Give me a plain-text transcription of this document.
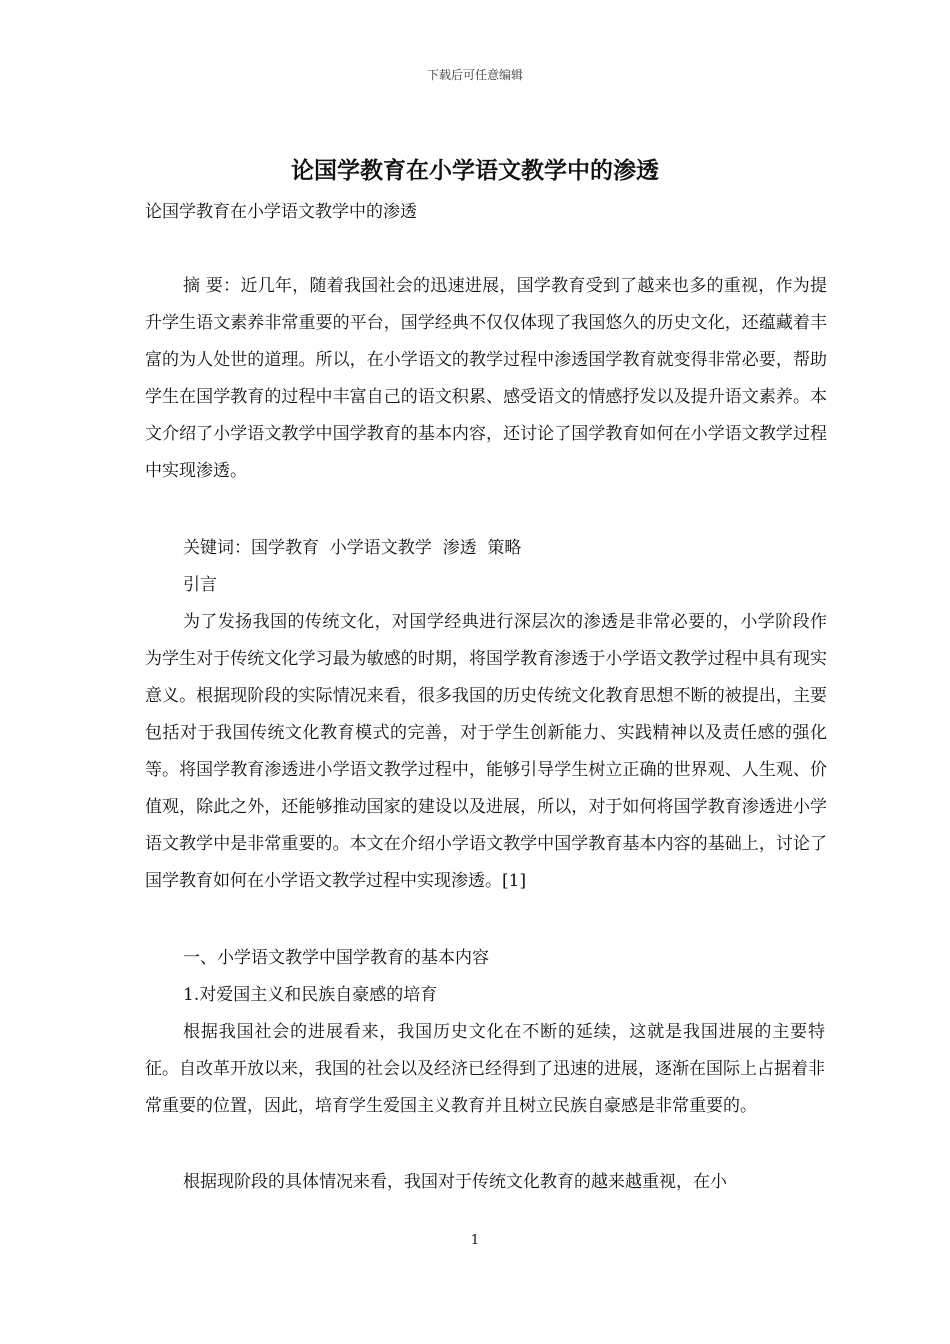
下载后可任意编辑
论国学教育在小学语文教学中的渗透
论国学教育在小学语文教学中的渗透

摘 要：近几年，随着我国社会的迅速进展，国学教育受到了越来也多的重视，作为提升学生语文素养非常重要的平台，国学经典不仅仅体现了我国悠久的历史文化，还蕴藏着丰富的为人处世的道理。所以，在小学语文的教学过程中渗透国学教育就变得非常必要，帮助学生在国学教育的过程中丰富自己的语文积累、感受语文的情感抒发以及提升语文素养。本文介绍了小学语文教学中国学教育的基本内容，还讨论了国学教育如何在小学语文教学过程中实现渗透。

关键词：国学教育  小学语文教学  渗透  策略

引言

为了发扬我国的传统文化，对国学经典进行深层次的渗透是非常必要的，小学阶段作为学生对于传统文化学习最为敏感的时期，将国学教育渗透于小学语文教学过程中具有现实意义。根据现阶段的实际情况来看，很多我国的历史传统文化教育思想不断的被提出，主要包括对于我国传统文化教育模式的完善，对于学生创新能力、实践精神以及责任感的强化等。将国学教育渗透进小学语文教学过程中，能够引导学生树立正确的世界观、人生观、价值观，除此之外，还能够推动国家的建设以及进展，所以，对于如何将国学教育渗透进小学语文教学中是非常重要的。本文在介绍小学语文教学中国学教育基本内容的基础上，讨论了国学教育如何在小学语文教学过程中实现渗透。[1]

一、小学语文教学中国学教育的基本内容

1.对爱国主义和民族自豪感的培育

根据我国社会的进展看来，我国历史文化在不断的延续，这就是我国进展的主要特征。自改革开放以来，我国的社会以及经济已经得到了迅速的进展，逐渐在国际上占据着非常重要的位置，因此，培育学生爱国主义教育并且树立民族自豪感是非常重要的。

根据现阶段的具体情况来看，我国对于传统文化教育的越来越重视，在小

1
